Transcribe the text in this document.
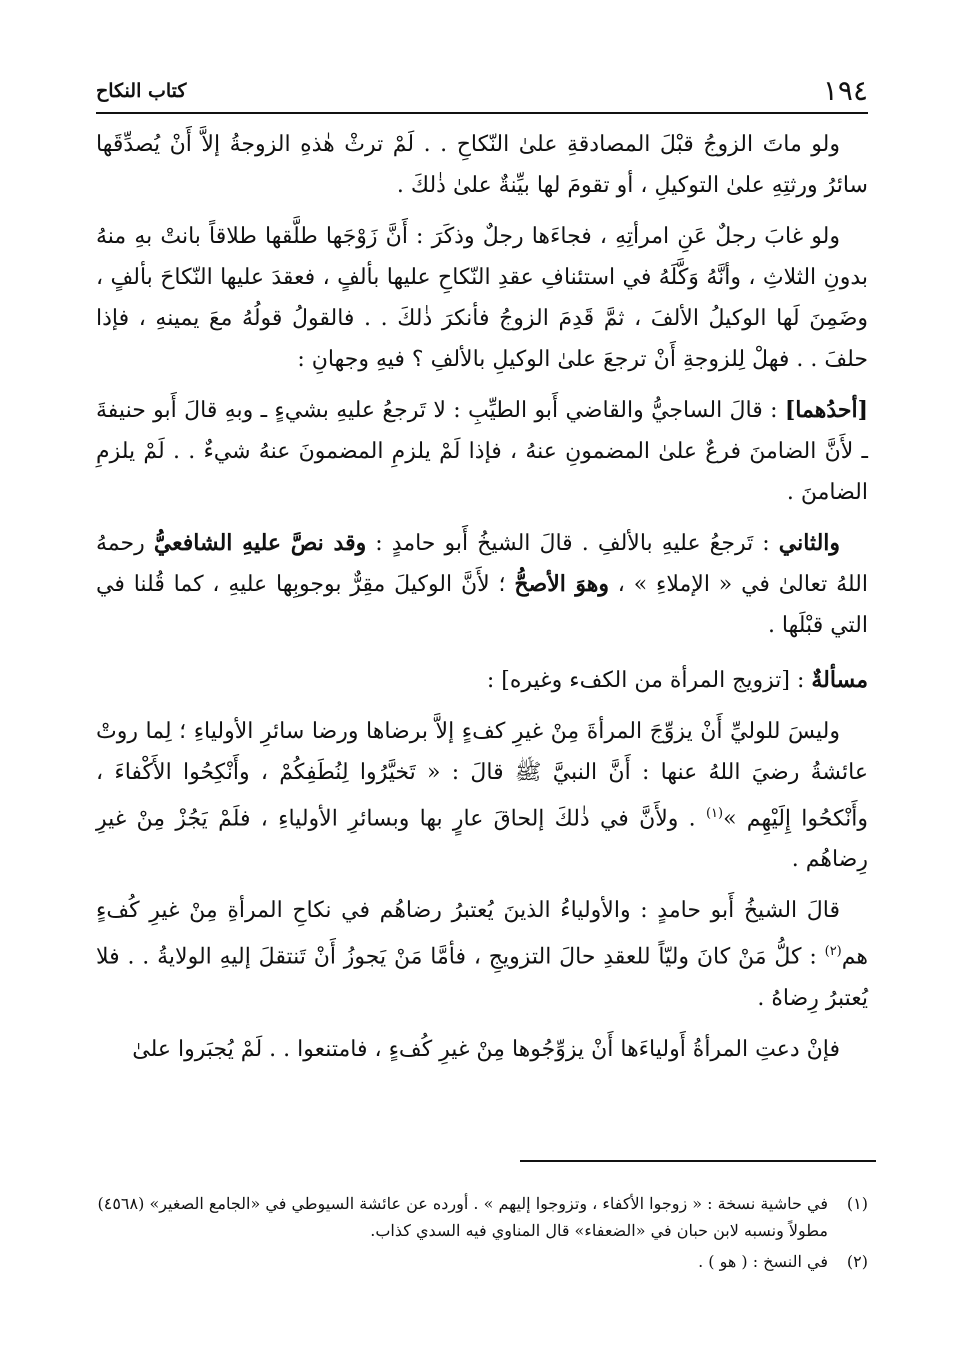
١٩٤
كتاب النكاح

ولو ماتَ الزوجُ قبْلَ المصادقةِ علىٰ النّكاحِ . . لَمْ ترثْ هٰذهِ الزوجةُ إلاَّ أَنْ يُصدِّقَها سائرُ ورثتِهِ علىٰ التوكيلِ ، أو تقومَ لها بيِّنةٌ علىٰ ذٰلكَ .

ولو غابَ رجلٌ عَنِ امرأتِهِ ، فجاءَها رجلٌ وذكَرَ : أَنَّ زَوْجَها طلَّقها طلاقاً بانتْ بهِ منهُ بدونِ الثلاثِ ، وأنَّهُ وَكَّلَهُ في استئنافِ عقدِ النّكاحِ عليها بألفٍ ، فعقدَ عليها النّكاحَ بألفٍ ، وضَمِنَ لَها الوكيلُ الألفَ ، ثمَّ قَدِمَ الزوجُ فأنكرَ ذٰلكَ . . فالقولُ قولُهُ معَ يمينهِ ، فإذا حلفَ . . فهلْ لِلزوجةِ أَنْ ترجعَ علىٰ الوكيلِ بالألفِ ؟ فيهِ وجهانِ :

[أحدُهما] : قالَ الساجيُّ والقاضي أَبو الطيِّبِ : لا تَرجعُ عليهِ بشيءٍ ـ وبهِ قالَ أَبو حنيفةَ ـ لأَنَّ الضامنَ فرعٌ علىٰ المضمونِ عنهُ ، فإذا لَمْ يلزمِ المضمونَ عنهُ شيءٌ . . لَمْ يلزمِ الضامنَ .

والثاني : تَرجعُ عليهِ بالألفِ . قالَ الشيخُ أَبو حامدٍ : وقد نصَّ عليهِ الشافعيُّ رحمهُ اللهُ تعالىٰ في « الإملاءِ » ، وهوَ الأصحُّ ؛ لأَنَّ الوكيلَ مقِرٌّ بوجوبِها عليهِ ، كما قُلنا في التي قبْلَها .

مسألةٌ : [تزويج المرأة من الكفء وغيره] :

وليسَ للوليِّ أَنْ يزوِّجَ المرأةَ مِنْ غيرِ كفءٍ إلاَّ برضاها ورضا سائرِ الأولياءِ ؛ لِما روتْ عائشةُ رضيَ اللهُ عنها : أَنَّ النبيَّ ﷺ قالَ : « تَخيَّرُوا لِنُطَفِكُمْ ، وأَنْكِحُوا الأَكْفاءَ ، وأَنْكحُوا إِلَيْهِم »$^{(١)}$ . ولأَنَّ في ذٰلكَ إلحاقَ عارٍ بها وبسائرِ الأولياءِ ، فلَمْ يَجُزْ مِنْ غيرِ رِضاهُم .

قالَ الشيخُ أَبو حامدٍ : والأولياءُ الذينَ يُعتبرُ رضاهُم في نكاحِ المرأةِ مِنْ غيرِ كُفءٍ هم$^{(٢)}$ : كلُّ مَنْ كانَ وليّاً للعقدِ حالَ التزويجِ ، فأمَّا مَنْ يَجوزُ أَنْ تَنتقلَ إليهِ الولايةُ . . فلا يُعتبرُ رِضاهُ .

فإنْ دعتِ المرأةُ أَولياءَها أَنْ يزوِّجُوها مِنْ غيرِ كُفءٍ ، فامتنعوا . . لَمْ يُجبَروا علىٰ

(١)
في حاشية نسخة : « زوجوا الأكفاء ، وتزوجوا إليهم » . أورده عن عائشة السيوطي في «الجامع الصغير» (٤٥٦٨) مطولاً ونسبه لابن حبان في «الضعفاء» قال المناوي فيه السدي كذاب.
(٢)
في النسخ : ( هو ) .
